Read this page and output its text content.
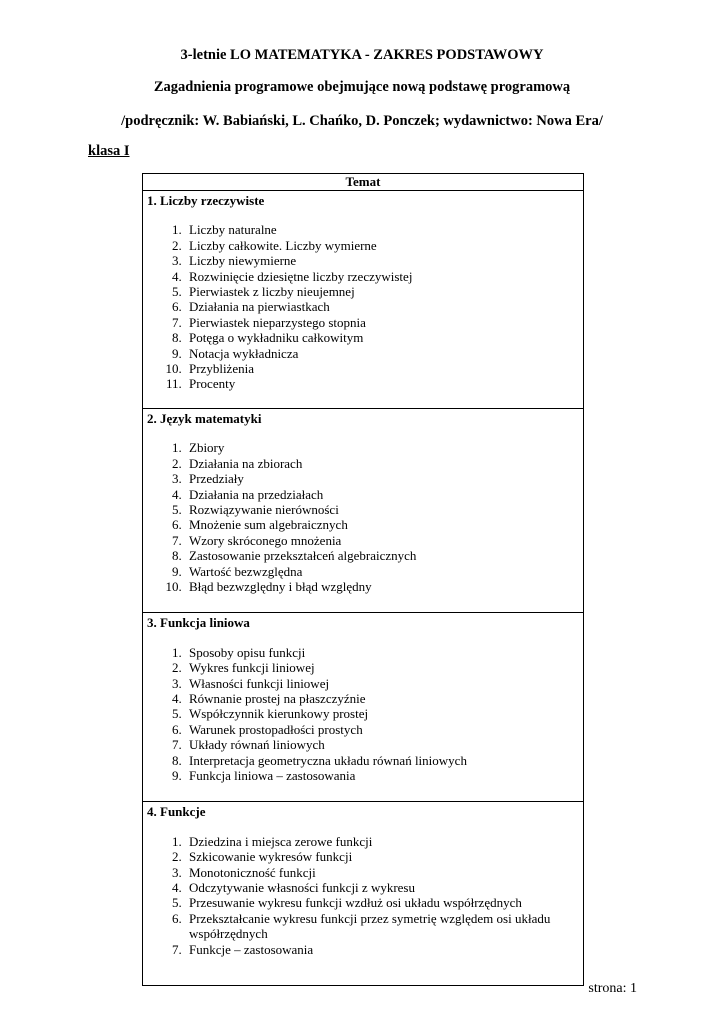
3-letnie LO MATEMATYKA - ZAKRES PODSTAWOWY
Zagadnienia programowe obejmujące nową podstawę programową
/podręcznik: W. Babiański, L. Chańko, D. Ponczek; wydawnictwo: Nowa Era/
klasa I
Temat
1. Liczby rzeczywiste
1. Liczby naturalne
2. Liczby całkowite. Liczby wymierne
3. Liczby niewymierne
4. Rozwinięcie dziesiętne liczby rzeczywistej
5. Pierwiastek z liczby nieujemnej
6. Działania na pierwiastkach
7. Pierwiastek nieparzystego stopnia
8. Potęga o wykładniku całkowitym
9. Notacja wykładnicza
10. Przybliżenia
11. Procenty
2. Język matematyki
1. Zbiory
2. Działania na zbiorach
3. Przedziały
4. Działania na przedziałach
5. Rozwiązywanie nierówności
6. Mnożenie sum algebraicznych
7. Wzory skróconego mnożenia
8. Zastosowanie przekształceń algebraicznych
9. Wartość bezwzględna
10. Błąd bezwzględny i błąd względny
3. Funkcja liniowa
1. Sposoby opisu funkcji
2. Wykres funkcji liniowej
3. Własności funkcji liniowej
4. Równanie prostej na płaszczyźnie
5. Współczynnik kierunkowy prostej
6. Warunek prostopadłości prostych
7. Układy równań liniowych
8. Interpretacja geometryczna układu równań liniowych
9. Funkcja liniowa – zastosowania
4. Funkcje
1. Dziedzina i miejsca zerowe funkcji
2. Szkicowanie wykresów funkcji
3. Monotoniczność funkcji
4. Odczytywanie własności funkcji z wykresu
5. Przesuwanie wykresu funkcji wzdłuż osi układu współrzędnych
6. Przekształcanie wykresu funkcji przez symetrię względem osi układu współrzędnych
7. Funkcje – zastosowania
strona: 1
